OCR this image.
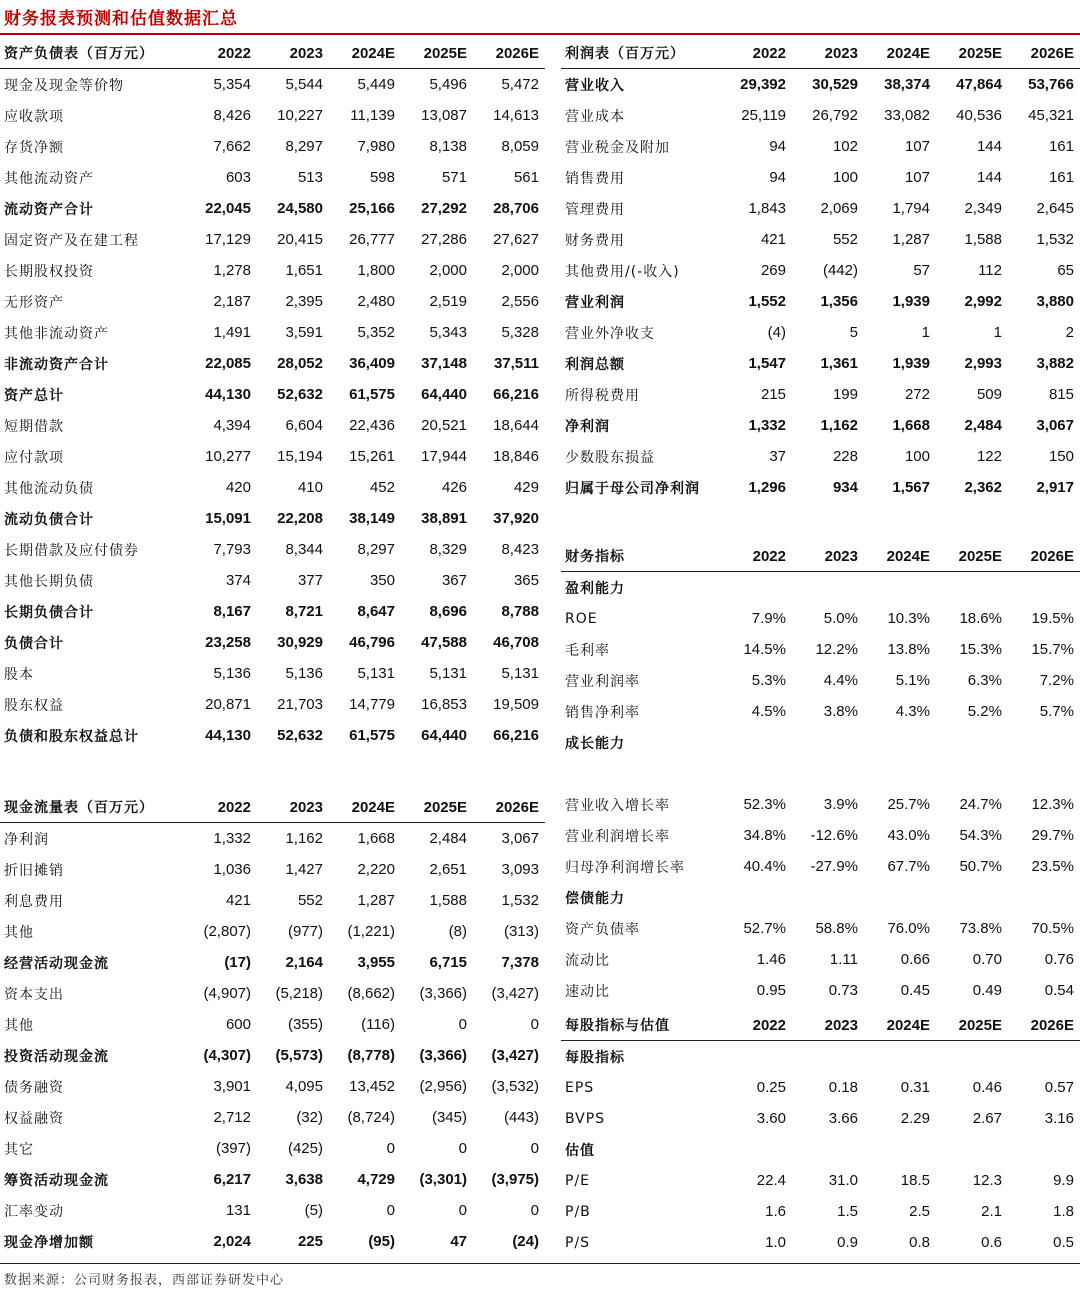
财务报表预测和估值数据汇总
资产负债表（百万元）	2022	2023	2024E	2025E	2026E
现金及现金等价物	5,354	5,544	5,449	5,496	5,472
应收款项	8,426	10,227	11,139	13,087	14,613
存货净额	7,662	8,297	7,980	8,138	8,059
其他流动资产	603	513	598	571	561
流动资产合计	22,045	24,580	25,166	27,292	28,706
固定资产及在建工程	17,129	20,415	26,777	27,286	27,627
长期股权投资	1,278	1,651	1,800	2,000	2,000
无形资产	2,187	2,395	2,480	2,519	2,556
其他非流动资产	1,491	3,591	5,352	5,343	5,328
非流动资产合计	22,085	28,052	36,409	37,148	37,511
资产总计	44,130	52,632	61,575	64,440	66,216
短期借款	4,394	6,604	22,436	20,521	18,644
应付款项	10,277	15,194	15,261	17,944	18,846
其他流动负债	420	410	452	426	429
流动负债合计	15,091	22,208	38,149	38,891	37,920
长期借款及应付债券	7,793	8,344	8,297	8,329	8,423
其他长期负债	374	377	350	367	365
长期负债合计	8,167	8,721	8,647	8,696	8,788
负债合计	23,258	30,929	46,796	47,588	46,708
股本	5,136	5,136	5,131	5,131	5,131
股东权益	20,871	21,703	14,779	16,853	19,509
负债和股东权益总计	44,130	52,632	61,575	64,440	66,216
现金流量表（百万元）	2022	2023	2024E	2025E	2026E
净利润	1,332	1,162	1,668	2,484	3,067
折旧摊销	1,036	1,427	2,220	2,651	3,093
利息费用	421	552	1,287	1,588	1,532
其他	(2,807)	(977)	(1,221)	(8)	(313)
经营活动现金流	(17)	2,164	3,955	6,715	7,378
资本支出	(4,907)	(5,218)	(8,662)	(3,366)	(3,427)
其他	600	(355)	(116)	0	0
投资活动现金流	(4,307)	(5,573)	(8,778)	(3,366)	(3,427)
债务融资	3,901	4,095	13,452	(2,956)	(3,532)
权益融资	2,712	(32)	(8,724)	(345)	(443)
其它	(397)	(425)	0	0	0
筹资活动现金流	6,217	3,638	4,729	(3,301)	(3,975)
汇率变动	131	(5)	0	0	0
现金净增加额	2,024	225	(95)	47	(24)
利润表（百万元）	2022	2023	2024E	2025E	2026E
营业收入	29,392	30,529	38,374	47,864	53,766
营业成本	25,119	26,792	33,082	40,536	45,321
营业税金及附加	94	102	107	144	161
销售费用	94	100	107	144	161
管理费用	1,843	2,069	1,794	2,349	2,645
财务费用	421	552	1,287	1,588	1,532
其他费用/(-收入)	269	(442)	57	112	65
营业利润	1,552	1,356	1,939	2,992	3,880
营业外净收支	(4)	5	1	1	2
利润总额	1,547	1,361	1,939	2,993	3,882
所得税费用	215	199	272	509	815
净利润	1,332	1,162	1,668	2,484	3,067
少数股东损益	37	228	100	122	150
归属于母公司净利润	1,296	934	1,567	2,362	2,917
财务指标	2022	2023	2024E	2025E	2026E
盈利能力					
ROE	7.9%	5.0%	10.3%	18.6%	19.5%
毛利率	14.5%	12.2%	13.8%	15.3%	15.7%
营业利润率	5.3%	4.4%	5.1%	6.3%	7.2%
销售净利率	4.5%	3.8%	4.3%	5.2%	5.7%
成长能力					

营业收入增长率	52.3%	3.9%	25.7%	24.7%	12.3%
营业利润增长率	34.8%	-12.6%	43.0%	54.3%	29.7%
归母净利润增长率	40.4%	-27.9%	67.7%	50.7%	23.5%
偿债能力					
资产负债率	52.7%	58.8%	76.0%	73.8%	70.5%
流动比	1.46	1.11	0.66	0.70	0.76
速动比	0.95	0.73	0.45	0.49	0.54
每股指标与估值	2022	2023	2024E	2025E	2026E
每股指标					
EPS	0.25	0.18	0.31	0.46	0.57
BVPS	3.60	3.66	2.29	2.67	3.16
估值					
P/E	22.4	31.0	18.5	12.3	9.9
P/B	1.6	1.5	2.5	2.1	1.8
P/S	1.0	0.9	0.8	0.6	0.5
数据来源：公司财务报表，西部证券研发中心
